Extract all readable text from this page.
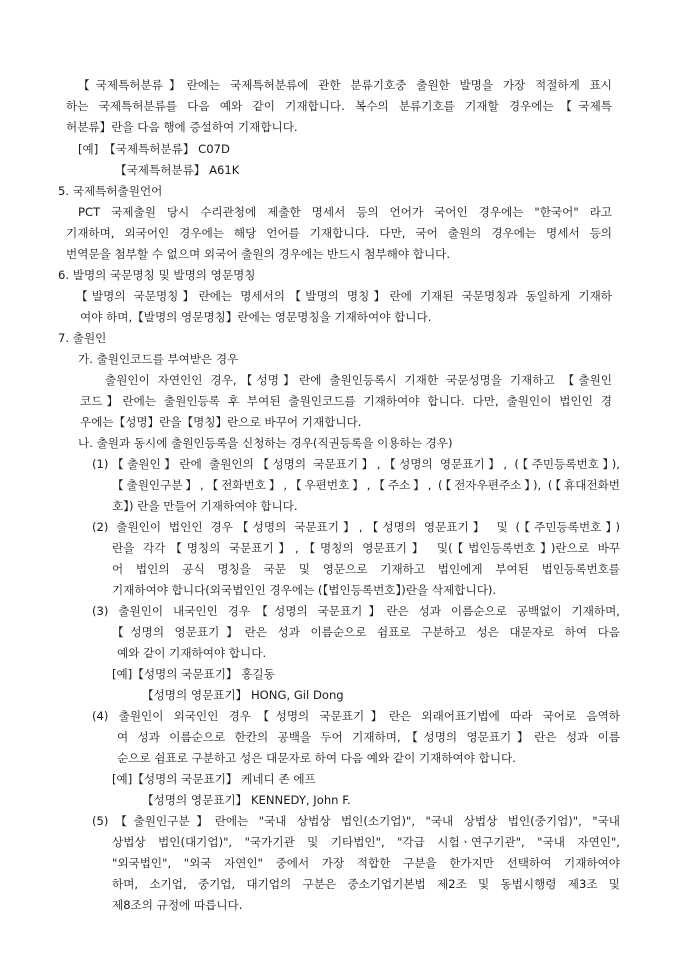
【국제특허분류】란에는 국제특허분류에 관한 분류기호중 출원한 발명을 가장 적절하게 표시
하는 국제특허분류를 다음 예와 같이 기재합니다. 복수의 분류기호를 기재할 경우에는【국제특
허분류】란을 다음 행에 증설하여 기재합니다.
[예]　【국제특허분류】 C07D
【국제특허분류】 A61K
5. 국제특허출원언어
PCT 국제출원 당시 수리관청에 제출한 명세서 등의 언어가 국어인 경우에는 "한국어" 라고
기재하며, 외국어인 경우에는 해당 언어를 기재합니다. 다만, 국어 출원의 경우에는 명세서 등의
번역문을 첨부할 수 없으며 외국어 출원의 경우에는 반드시 첨부해야 합니다.
6. 발명의 국문명칭 및 발명의 영문명칭
【발명의 국문명칭】란에는 명세서의【발명의 명칭】란에 기재된 국문명칭과 동일하게 기재하
여야 하며,【발명의 영문명칭】란에는 영문명칭을 기재하여야 합니다.
7. 출원인
가. 출원인코드를 부여받은 경우
출원인이 자연인인 경우,【성명】란에 출원인등록시 기재한 국문성명을 기재하고 【출원인
코드】란에는 출원인등록 후 부여된 출원인코드를 기재하여야 합니다. 다만, 출원인이 법인인 경
우에는【성명】란을【명칭】란으로 바꾸어 기재합니다.
나. 출원과 동시에 출원인등록을 신청하는 경우(직권등록을 이용하는 경우)
(1)【출원인】란에 출원인의【성명의 국문표기】,【성명의 영문표기】, (【주민등록번호】),
【출원인구분】,【전화번호】,【우편번호】,【주소】, (【전자우편주소】), (【휴대전화번
호】) 란을 만들어 기재하여야 합니다.
(2) 출원인이 법인인 경우【성명의 국문표기】,【성명의 영문표기】 및 (【주민등록번호】)
란을 각각【명칭의 국문표기】,【명칭의 영문표기】 및(【법인등록번호】)란으로 바꾸
어 법인의 공식 명칭을 국문 및 영문으로 기재하고 법인에게 부여된 법인등록번호를
기재하여야 합니다(외국법인인 경우에는 (【법인등록번호】)란을 삭제합니다).
(3) 출원인이 내국인인 경우【성명의 국문표기】란은 성과 이름순으로 공백없이 기재하며,
【성명의 영문표기】란은 성과 이름순으로 쉼표로 구분하고 성은 대문자로 하여 다음
예와 같이 기재하여야 합니다.
[예]【성명의 국문표기】 홍길동
【성명의 영문표기】 HONG, Gil Dong
(4) 출원인이 외국인인 경우【성명의 국문표기】란은 외래어표기법에 따라 국어로 음역하
여 성과 이름순으로 한칸의 공백을 두어 기재하며,【성명의 영문표기】란은 성과 이름
순으로 쉼표로 구분하고 성은 대문자로 하여 다음 예와 같이 기재하여야 합니다.
[예]【성명의 국문표기】 케네디 존 에프
【성명의 영문표기】 KENNEDY, John F.
(5)【출원인구분】란에는 "국내 상법상 법인(소기업)", "국내 상법상 법인(중기업)", "국내
상법상 법인(대기업)", "국가기관 및 기타법인", "각급 시험ㆍ연구기관", "국내 자연인",
"외국법인", "외국 자연인" 중에서 가장 적합한 구분을 한가지만 선택하여 기재하여야
하며, 소기업, 중기업, 대기업의 구분은 중소기업기본법 제2조 및 동법시행령 제3조 및
제8조의 규정에 따릅니다.
